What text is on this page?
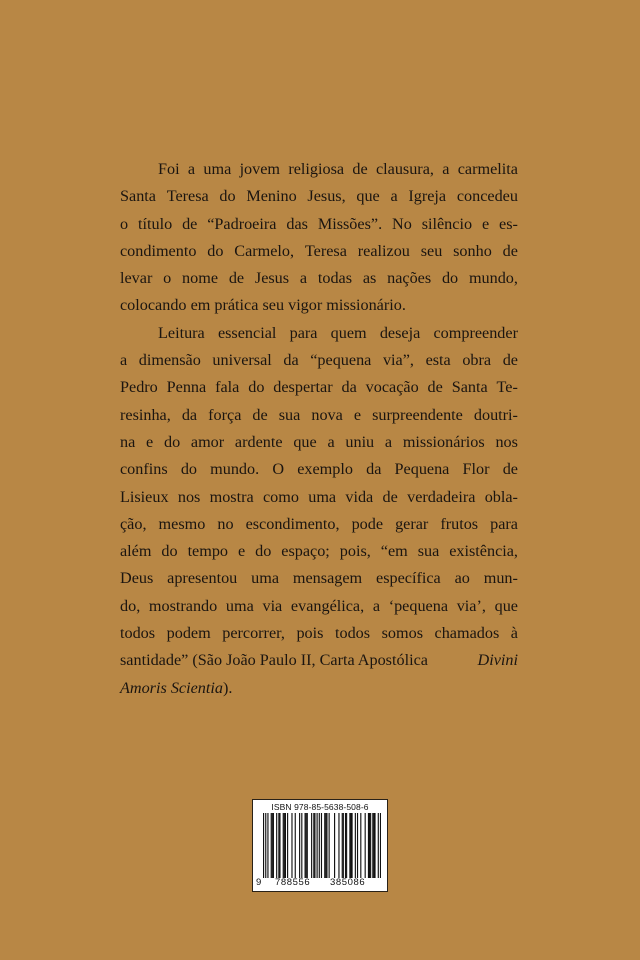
Foi a uma jovem religiosa de clausura, a carmelita
Santa Teresa do Menino Jesus, que a Igreja concedeu
o título de “Padroeira das Missões”. No silêncio e es-
condimento do Carmelo, Teresa realizou seu sonho de
levar o nome de Jesus a todas as nações do mundo,
colocando em prática seu vigor missionário.
Leitura essencial para quem deseja compreender
a dimensão universal da “pequena via”, esta obra de
Pedro Penna fala do despertar da vocação de Santa Te-
resinha, da força de sua nova e surpreendente doutri-
na e do amor ardente que a uniu a missionários nos
confins do mundo. O exemplo da Pequena Flor de
Lisieux nos mostra como uma vida de verdadeira obla-
ção, mesmo no escondimento, pode gerar frutos para
além do tempo e do espaço; pois, “em sua existência,
Deus apresentou uma mensagem específica ao mun-
do, mostrando uma via evangélica, a ‘pequena via’, que
todos podem percorrer, pois todos somos chamados à
santidade” (São João Paulo II, Carta Apostólica	Divini
Amoris Scientia ).
ISBN 978-85-5638-508-6
9 788556 385086
